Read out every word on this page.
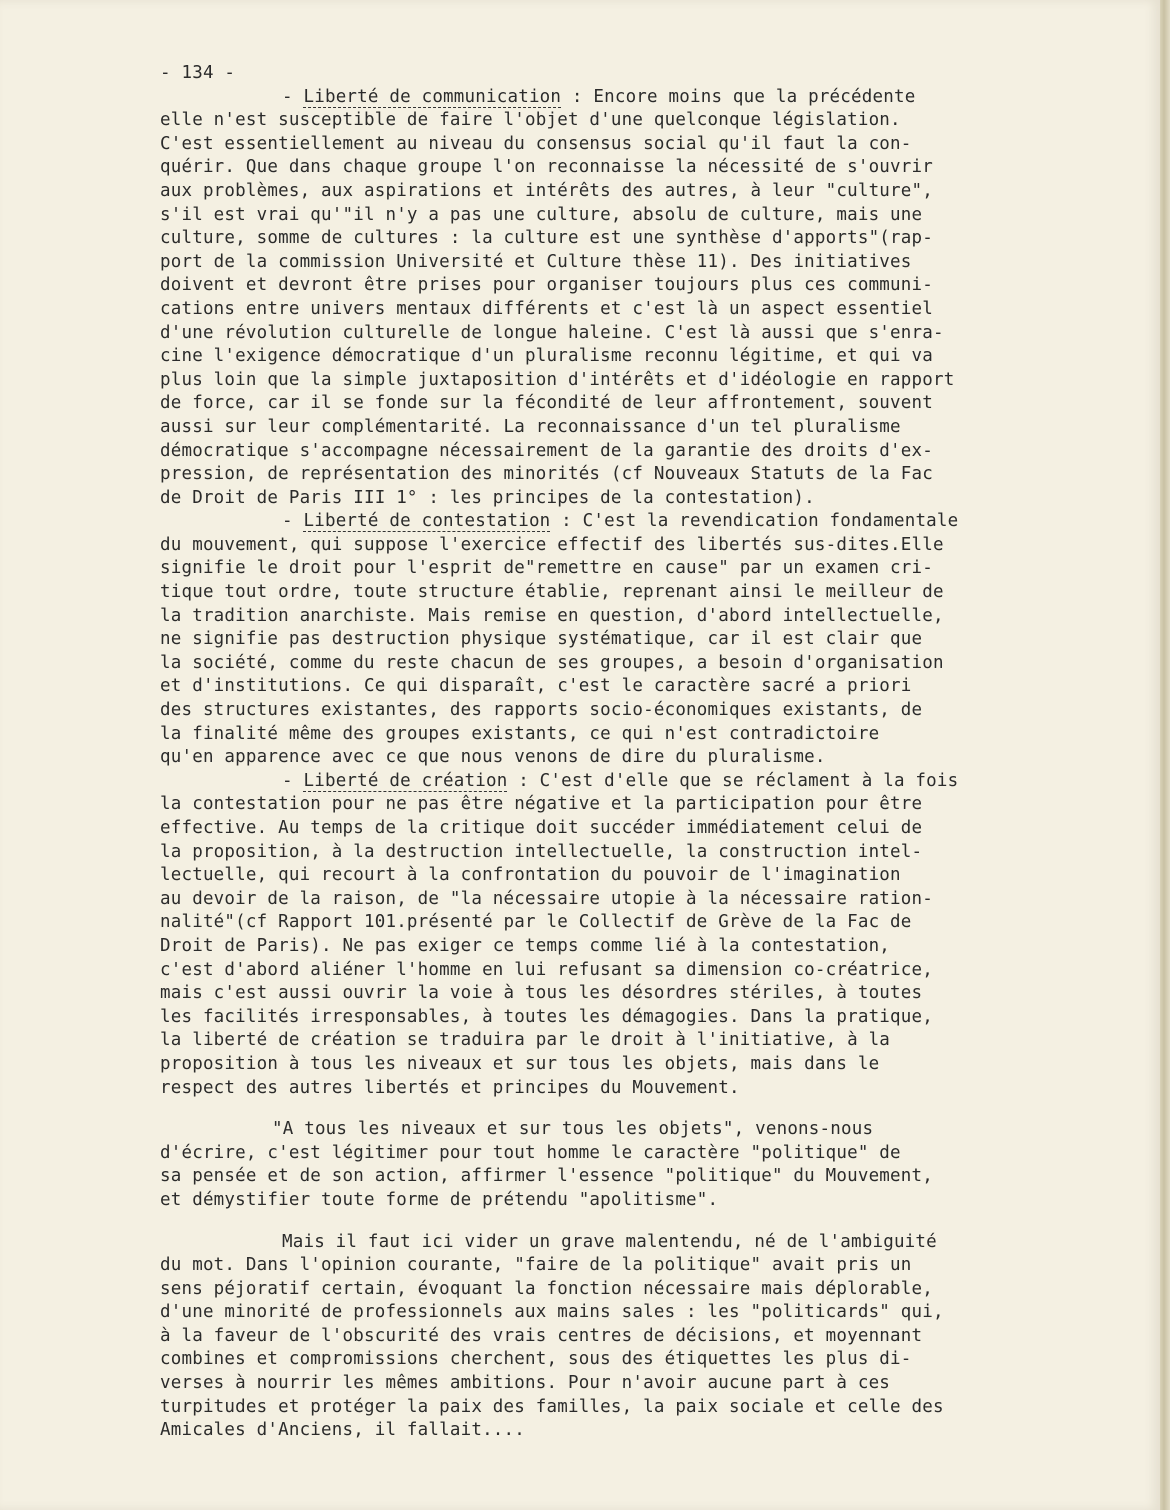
- 134 -
- Liberté de communication : Encore moins que la précédente
elle n'est susceptible de faire l'objet d'une quelconque législation.
C'est essentiellement au niveau du consensus social qu'il faut la con-
quérir. Que dans chaque groupe l'on reconnaisse la nécessité de s'ouvrir
aux problèmes, aux aspirations et intérêts des autres, à leur "culture",
s'il est vrai qu'"il n'y a pas une culture, absolu de culture, mais une
culture, somme de cultures : la culture est une synthèse d'apports"(rap-
port de la commission Université et Culture thèse 11). Des initiatives
doivent et devront être prises pour organiser toujours plus ces communi-
cations entre univers mentaux différents et c'est là un aspect essentiel
d'une révolution culturelle de longue haleine. C'est là aussi que s'enra-
cine l'exigence démocratique d'un pluralisme reconnu légitime, et qui va
plus loin que la simple juxtaposition d'intérêts et d'idéologie en rapport
de force, car il se fonde sur la fécondité de leur affrontement, souvent
aussi sur leur complémentarité. La reconnaissance d'un tel pluralisme
démocratique s'accompagne nécessairement de la garantie des droits d'ex-
pression, de représentation des minorités (cf Nouveaux Statuts de la Fac
de Droit de Paris III 1° : les principes de la contestation).
- Liberté de contestation : C'est la revendication fondamentale
du mouvement, qui suppose l'exercice effectif des libertés sus-dites.Elle
signifie le droit pour l'esprit de"remettre en cause" par un examen cri-
tique tout ordre, toute structure établie, reprenant ainsi le meilleur de
la tradition anarchiste. Mais remise en question, d'abord intellectuelle,
ne signifie pas destruction physique systématique, car il est clair que
la société, comme du reste chacun de ses groupes, a besoin d'organisation
et d'institutions. Ce qui disparaît, c'est le caractère sacré a priori
des structures existantes, des rapports socio-économiques existants, de
la finalité même des groupes existants, ce qui n'est contradictoire
qu'en apparence avec ce que nous venons de dire du pluralisme.
- Liberté de création : C'est d'elle que se réclament à la fois
la contestation pour ne pas être négative et la participation pour être
effective. Au temps de la critique doit succéder immédiatement celui de
la proposition, à la destruction intellectuelle, la construction intel-
lectuelle, qui recourt à la confrontation du pouvoir de l'imagination
au devoir de la raison, de "la nécessaire utopie à la nécessaire ration-
nalité"(cf Rapport 101.présenté par le Collectif de Grève de la Fac de
Droit de Paris). Ne pas exiger ce temps comme lié à la contestation,
c'est d'abord aliéner l'homme en lui refusant sa dimension co-créatrice,
mais c'est aussi ouvrir la voie à tous les désordres stériles, à toutes
les facilités irresponsables, à toutes les démagogies. Dans la pratique,
la liberté de création se traduira par le droit à l'initiative, à la
proposition à tous les niveaux et sur tous les objets, mais dans le
respect des autres libertés et principes du Mouvement.
"A tous les niveaux et sur tous les objets", venons-nous
d'écrire, c'est légitimer pour tout homme le caractère "politique" de
sa pensée et de son action, affirmer l'essence "politique" du Mouvement,
et démystifier toute forme de prétendu "apolitisme".
Mais il faut ici vider un grave malentendu, né de l'ambiguité
du mot. Dans l'opinion courante, "faire de la politique" avait pris un
sens péjoratif certain, évoquant la fonction nécessaire mais déplorable,
d'une minorité de professionnels aux mains sales : les "politicards" qui,
à la faveur de l'obscurité des vrais centres de décisions, et moyennant
combines et compromissions cherchent, sous des étiquettes les plus di-
verses à nourrir les mêmes ambitions. Pour n'avoir aucune part à ces
turpitudes et protéger la paix des familles, la paix sociale et celle des
Amicales d'Anciens, il fallait....
